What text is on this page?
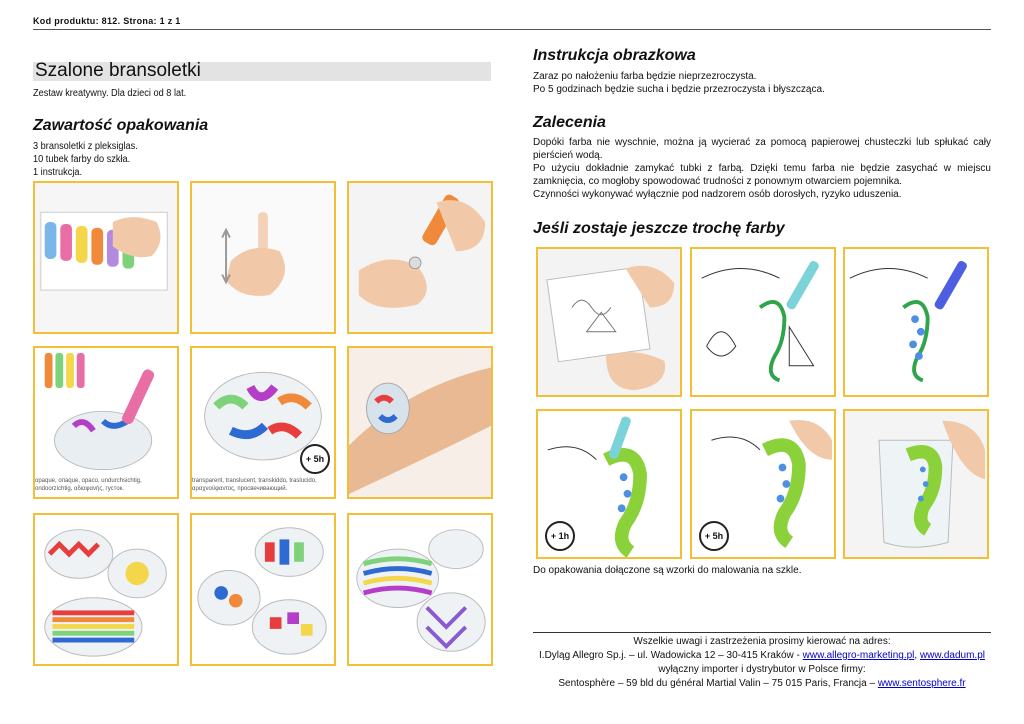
Kod produktu: 812. Strona: 1 z 1
Szalone bransoletki
Zestaw kreatywny. Dla dzieci od 8 lat.
Zawartość opakowania
3 bransoletki z pleksiglas.
10 tubek farby do szkła.
1 instrukcja.
opaque, опаque, opaco, undurchsichtig, ondoorzichtig, αδιαφανής, густок.
+ 5h
transparent, translucent, transkiddo, traslucido, αραχνοϋφαντος, просвечивающий.
Instrukcja obrazkowa
Zaraz po nałożeniu farba będzie nieprzezroczysta.
Po 5 godzinach będzie sucha i będzie przezroczysta i błyszcząca.
Zalecenia
Dopóki farba nie wyschnie, można ją wycierać za pomocą papierowej chusteczki lub spłukać cały pierścień wodą.
Po użyciu dokładnie zamykać tubki z farbą. Dzięki temu farba nie będzie zasychać w miejscu zamknięcia, co mogłoby spowodować trudności z ponownym otwarciem pojemnika.
Czynności wykonywać wyłącznie pod nadzorem osób dorosłych, ryzyko uduszenia.
Jeśli zostaje jeszcze trochę farby
+ 1h	+ 5h
Do opakowania dołączone są wzorki do malowania na szkle.
Wszelkie uwagi i zastrzeżenia prosimy kierować na adres:
I.Dyląg Allegro Sp.j. – ul. Wadowicka 12 – 30-415 Kraków - www.allegro-marketing.pl, www.dadum.pl
wyłączny importer i dystrybutor w Polsce firmy:
Sentosphère – 59 bld du général Martial Valin – 75 015 Paris, Francja – www.sentosphere.fr
